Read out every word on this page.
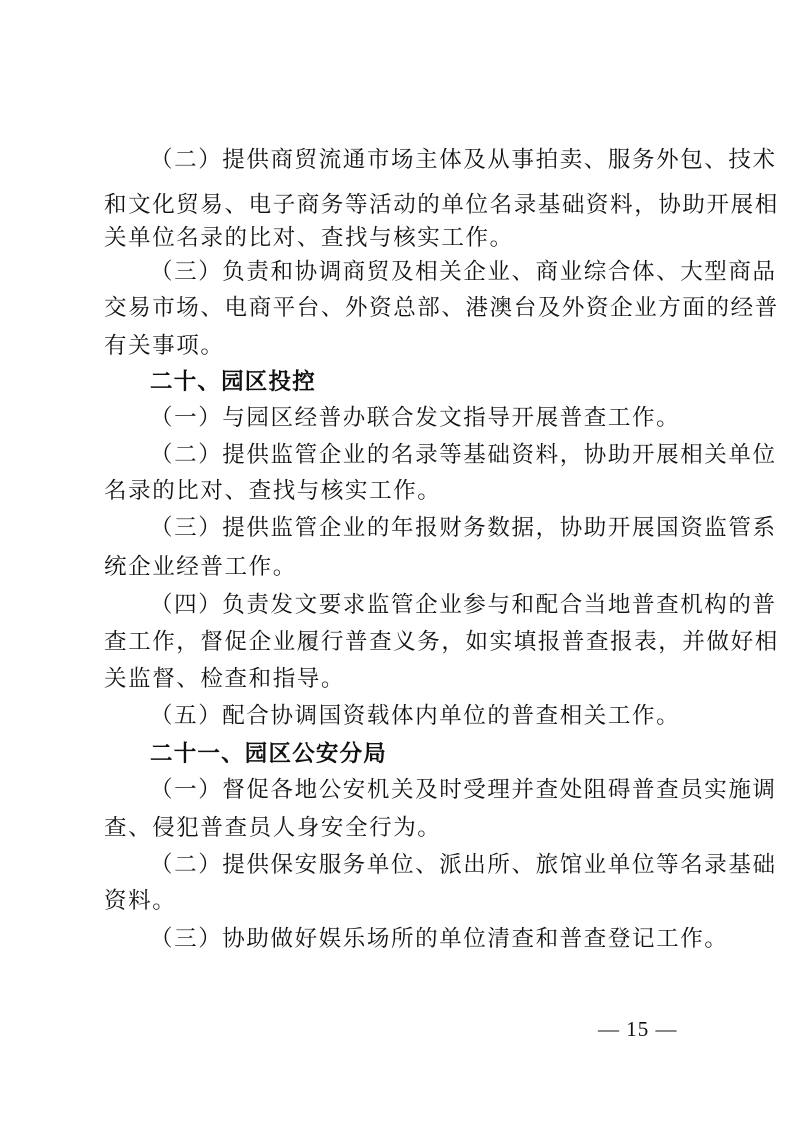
（二）提供商贸流通市场主体及从事拍卖、服务外包、技术
和文化贸易、电子商务等活动的单位名录基础资料，协助开展相
关单位名录的比对、查找与核实工作。
（三）负责和协调商贸及相关企业、商业综合体、大型商品
交易市场、电商平台、外资总部、港澳台及外资企业方面的经普
有关事项。
二十、园区投控
（一）与园区经普办联合发文指导开展普查工作。
（二）提供监管企业的名录等基础资料，协助开展相关单位
名录的比对、查找与核实工作。
（三）提供监管企业的年报财务数据，协助开展国资监管系
统企业经普工作。
（四）负责发文要求监管企业参与和配合当地普查机构的普
查工作，督促企业履行普查义务，如实填报普查报表，并做好相
关监督、检查和指导。
（五）配合协调国资载体内单位的普查相关工作。
二十一、园区公安分局
（一）督促各地公安机关及时受理并查处阻碍普查员实施调
查、侵犯普查员人身安全行为。
（二）提供保安服务单位、派出所、旅馆业单位等名录基础
资料。
（三）协助做好娱乐场所的单位清查和普查登记工作。
— 15 —
